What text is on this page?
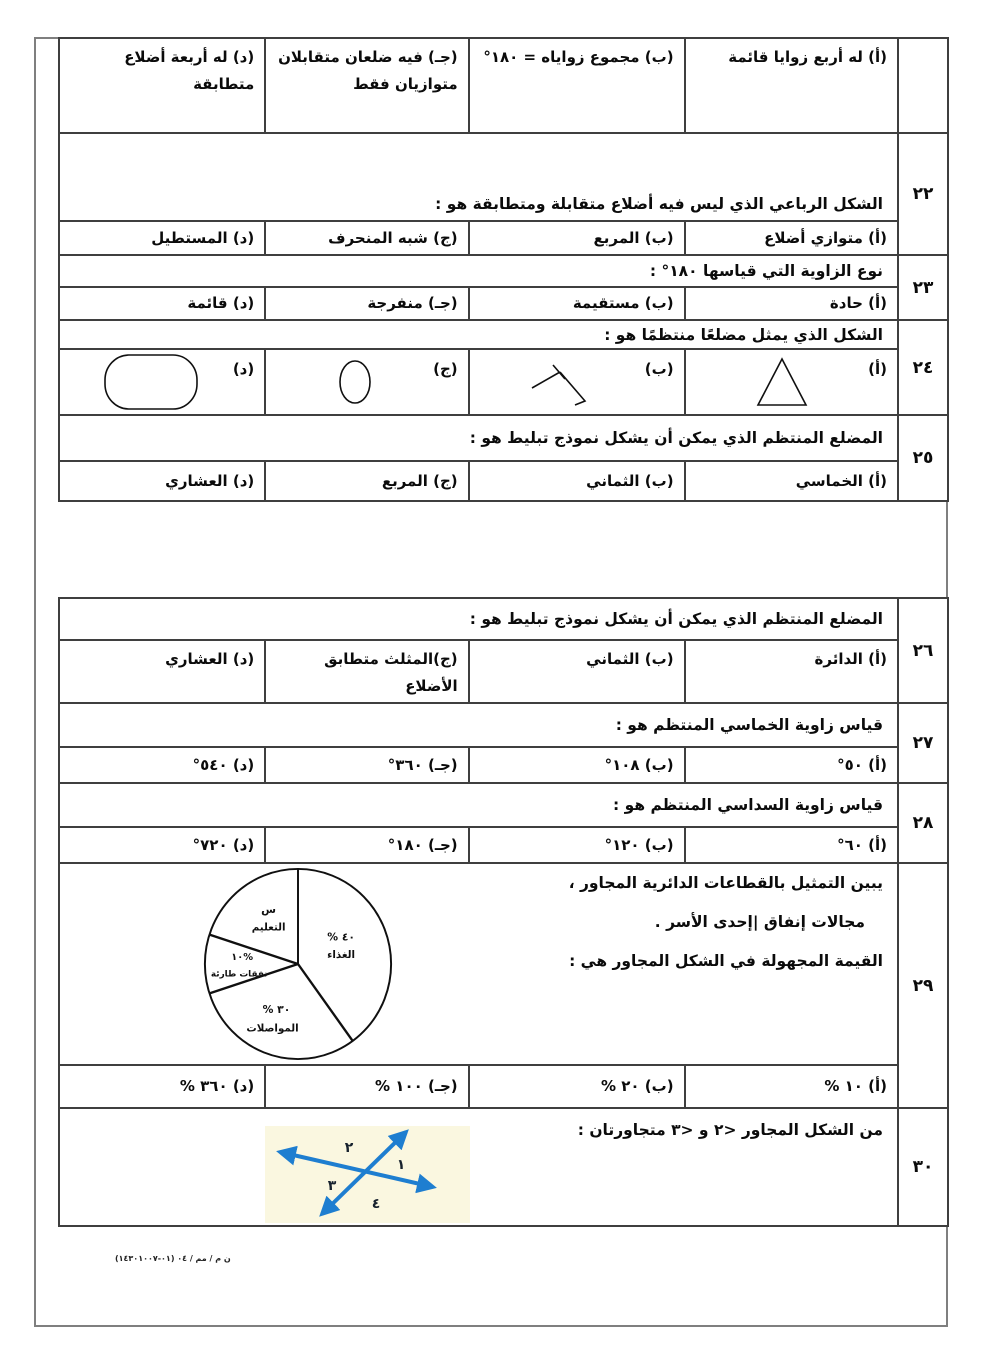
(أ) له أربع زوايا قائمة
(ب) مجموع زواياه = ١٨٠°
(جـ) فيه ضلعان متقابلان متوازيان فقط
(د) له أربعة أضلاع متطابقة
٢٢
الشكل الرباعي الذي ليس فيه أضلاع متقابلة ومتطابقة هو :
(أ) متوازي أضلاع
(ب) المربع
(ج) شبه المنحرف
(د) المستطيل
٢٣
نوع الزاوية التي قياسها ١٨٠° :
(أ) حادة
(ب) مستقيمة
(جـ) منفرجة
(د) قائمة
٢٤
الشكل الذي يمثل مضلعًا منتظمًا هو :
(أ)
(ب)
(ج)
(د)
٢٥
المضلع المنتظم الذي يمكن أن يشكل نموذج تبليط هو :
(أ) الخماسي
(ب) الثماني
(ج) المربع
(د) العشاري
٢٦
المضلع المنتظم الذي يمكن أن يشكل نموذج تبليط هو :
(أ) الدائرة
(ب) الثماني
(ج)المثلث متطابق الأضلاع
(د) العشاري
٢٧
قياس زاوية الخماسي المنتظم هو :
(أ) ٥٠°
(ب) ١٠٨°
(جـ) ٣٦٠°
(د) ٥٤٠°
٢٨
قياس زاوية السداسي المنتظم هو :
(أ) ٦٠°
(ب) ١٢٠°
(جـ) ١٨٠°
(د) ٧٢٠°
٢٩
يبين التمثيل بالقطاعات الدائرية المجاور ،
مجالات إنفاق |إحدى الأسر .
القيمة المجهولة في الشكل المجاور هي :
٤٠ %
الغذاء
س
التعليم
%١٠
نفقات طارئة
٣٠ %
المواصلات
(أ) ١٠ %
(ب) ٢٠ %
(جـ) ١٠٠ %
(د) ٣٦٠ %
٣٠
من الشكل المجاور <٢ و <٣ متجاورتان :
٢
١
٣
٤
ن م / مم / ٠٤ (٠١-١٤٣٠١٠٠٧)
